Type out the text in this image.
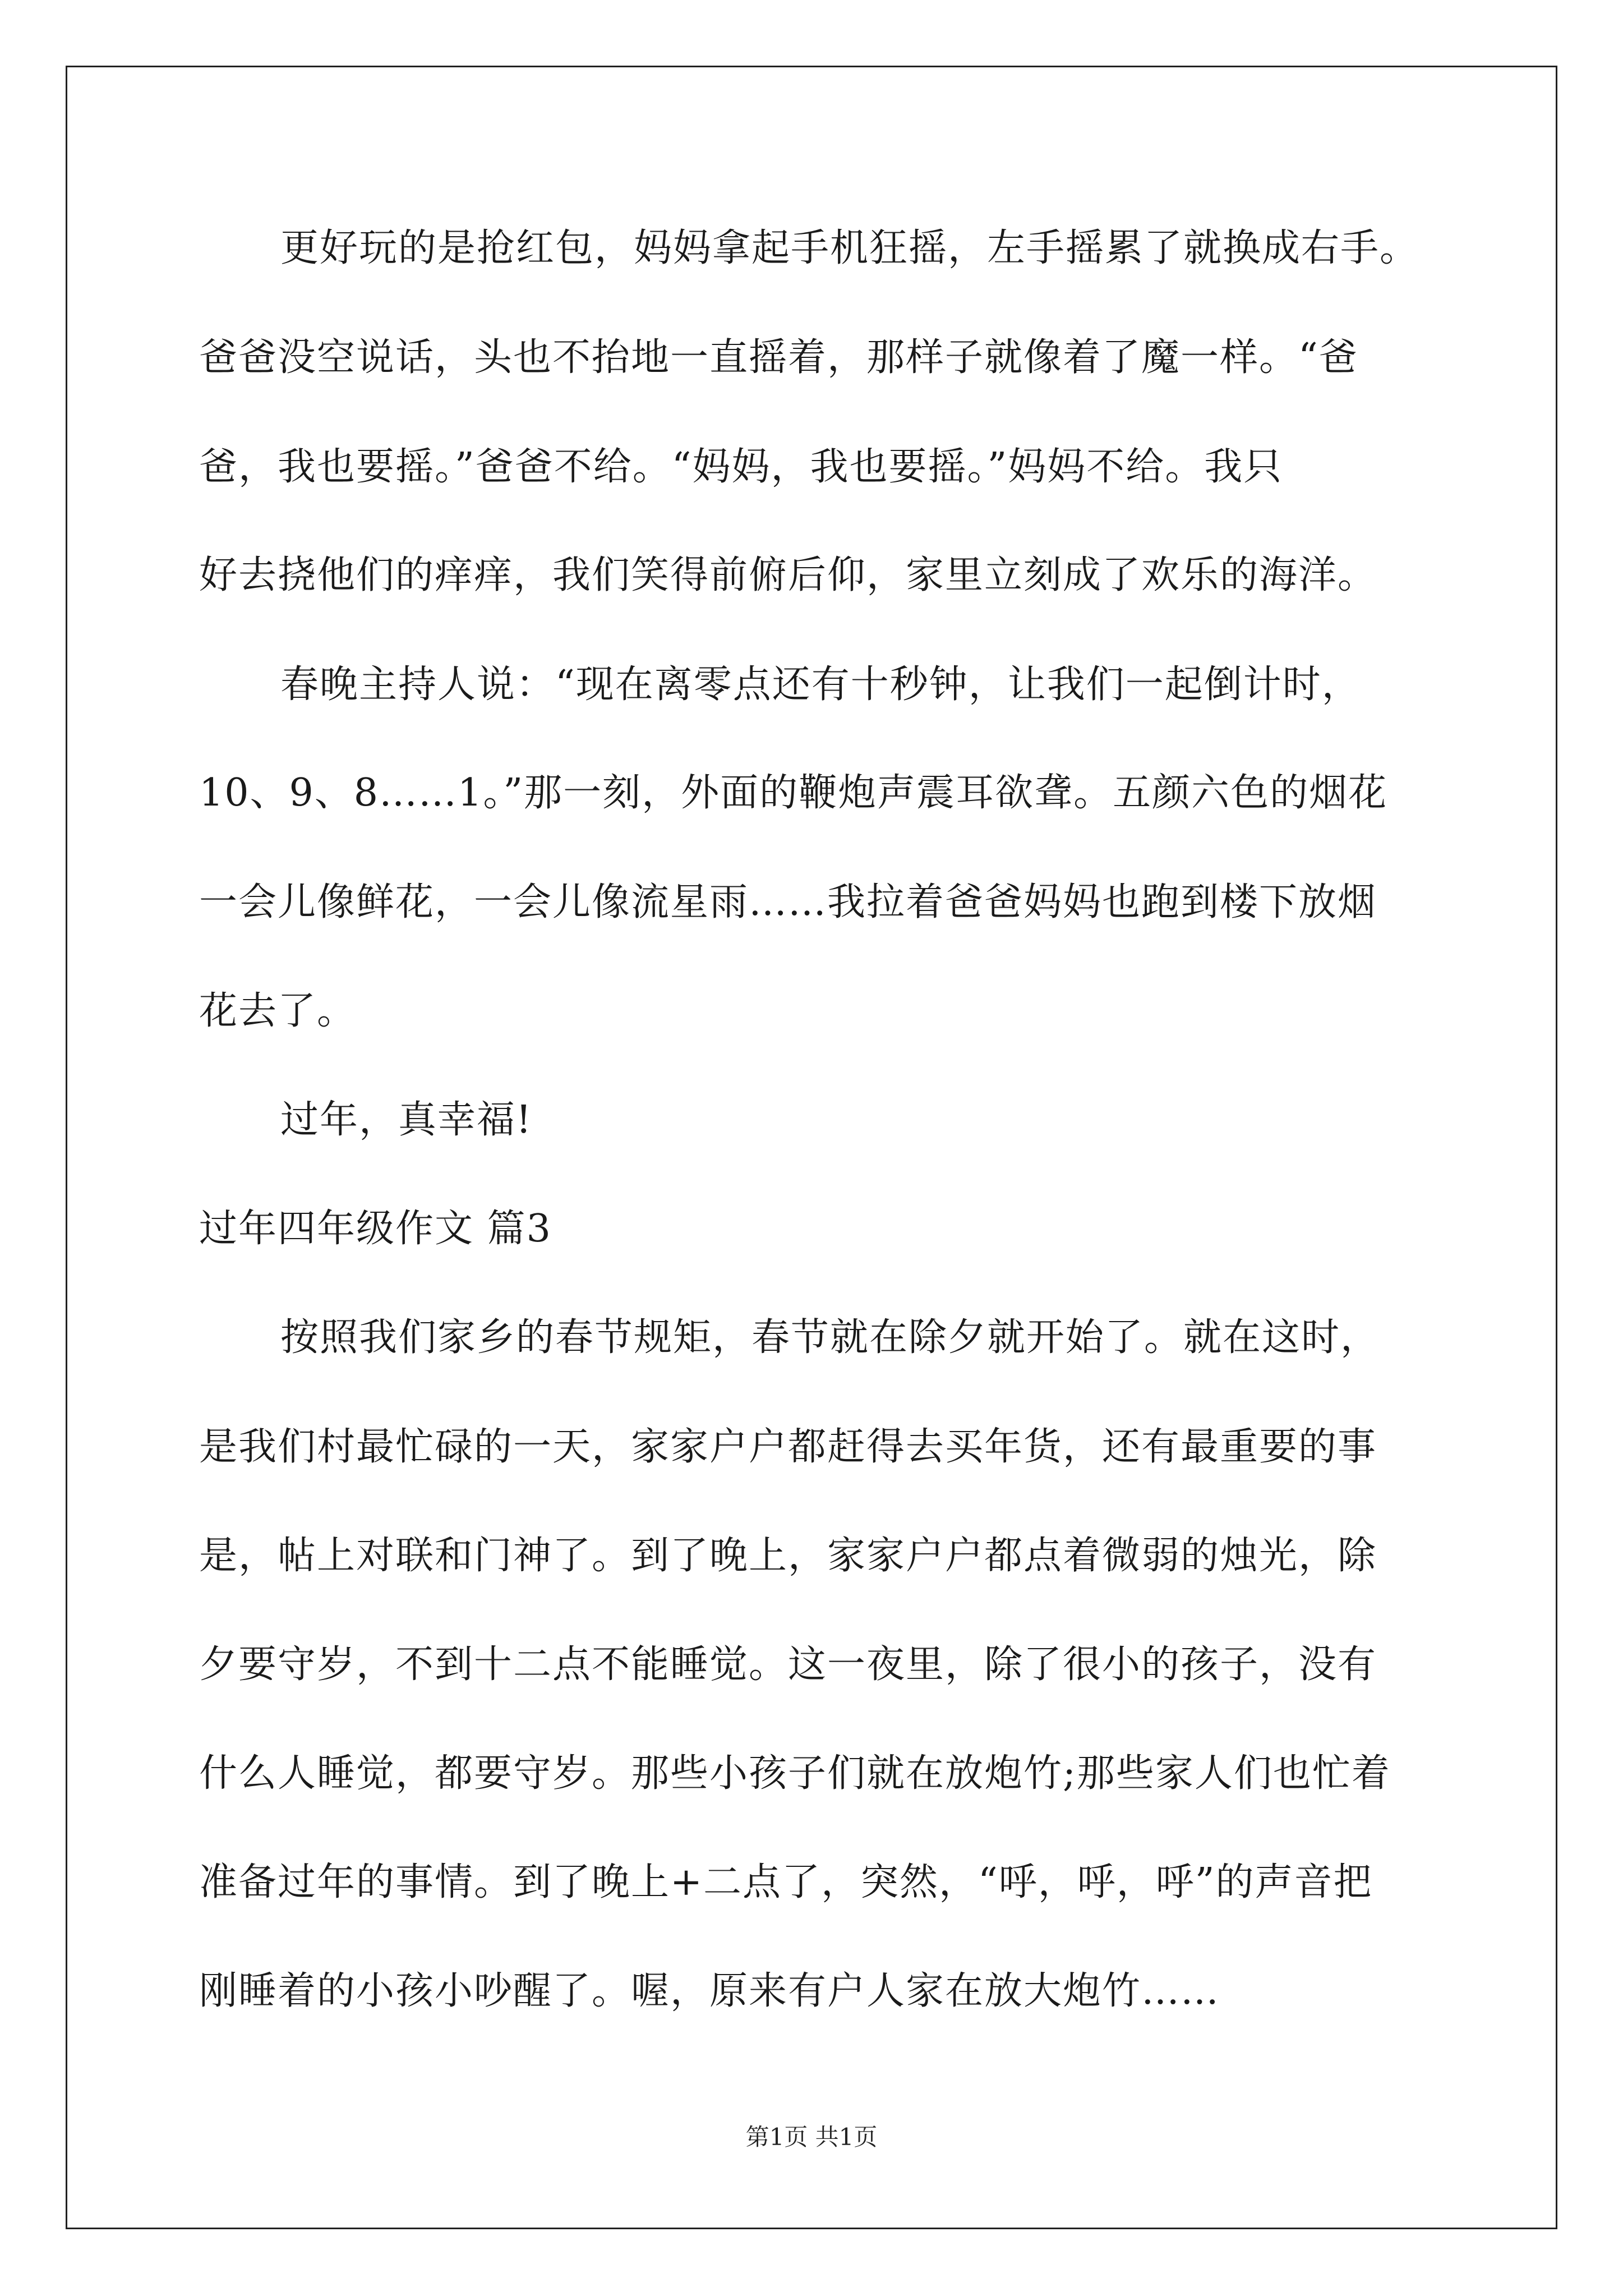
更好玩的是抢红包，妈妈拿起手机狂摇，左手摇累了就换成右手。
爸爸没空说话，头也不抬地一直摇着，那样子就像着了魔一样。“爸
爸，我也要摇。”爸爸不给。“妈妈，我也要摇。”妈妈不给。我只
好去挠他们的痒痒，我们笑得前俯后仰，家里立刻成了欢乐的海洋。
春晚主持人说：“现在离零点还有十秒钟，让我们一起倒计时，
10、9、8……1。”那一刻，外面的鞭炮声震耳欲聋。五颜六色的烟花
一会儿像鲜花，一会儿像流星雨……我拉着爸爸妈妈也跑到楼下放烟
花去了。
过年，真幸福!
过年四年级作文 篇3
按照我们家乡的春节规矩，春节就在除夕就开始了。就在这时，
是我们村最忙碌的一天，家家户户都赶得去买年货，还有最重要的事
是，帖上对联和门神了。到了晚上，家家户户都点着微弱的烛光，除
夕要守岁，不到十二点不能睡觉。这一夜里，除了很小的孩子，没有
什么人睡觉，都要守岁。那些小孩子们就在放炮竹;那些家人们也忙着
准备过年的事情。到了晚上+二点了，突然，“呼，呼，呼”的声音把
刚睡着的小孩小吵醒了。喔，原来有户人家在放大炮竹……
第1页 共1页
